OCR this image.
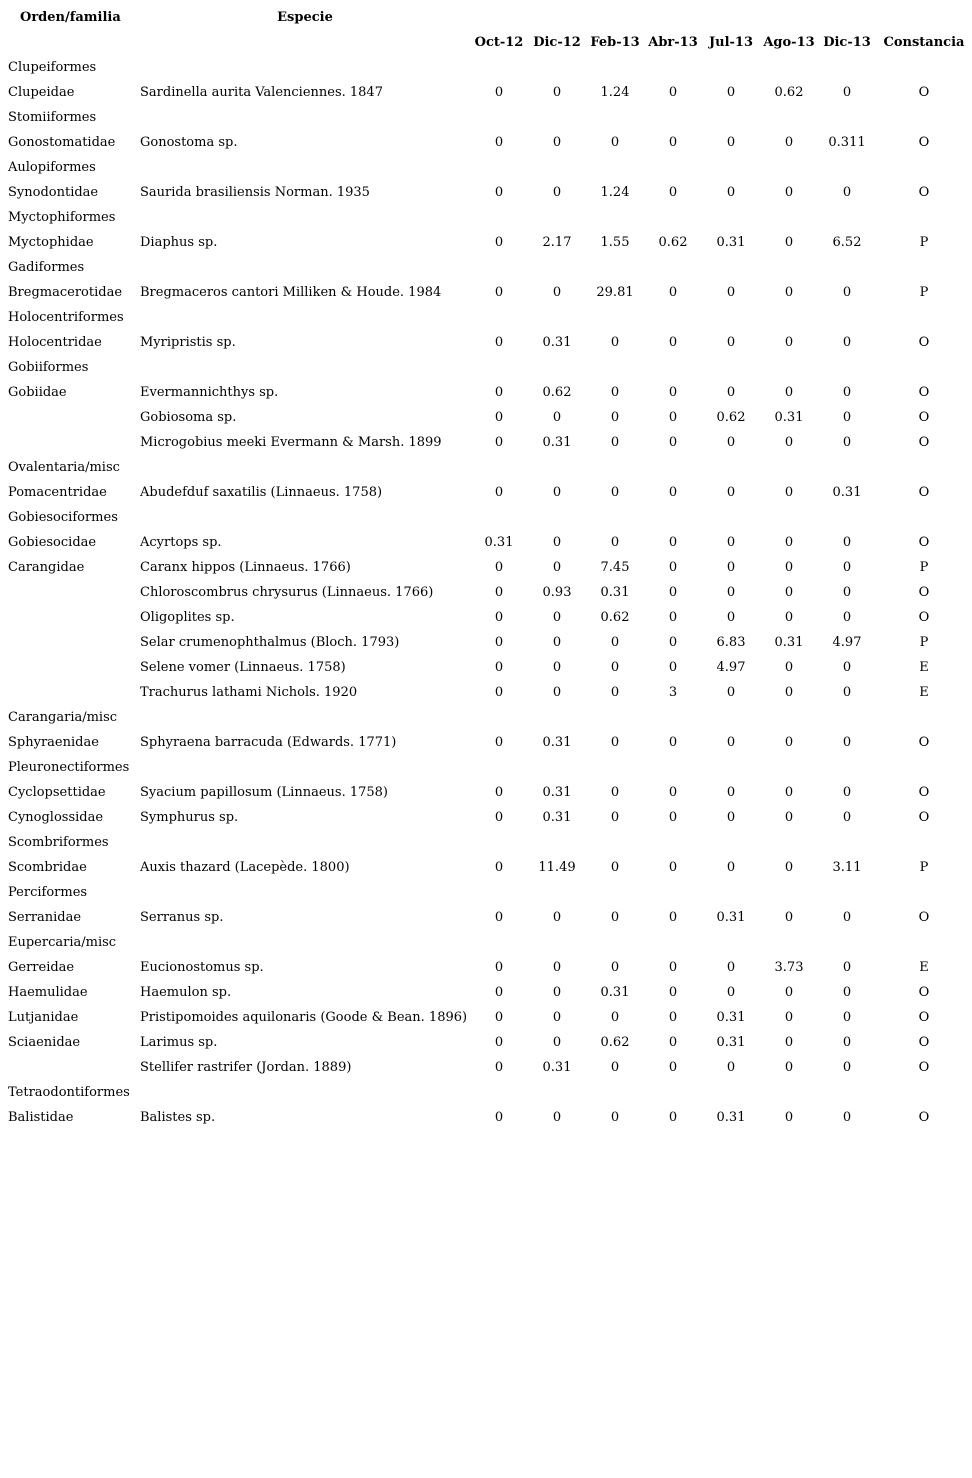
Orden/familia	Especie								
		Oct-12	Dic-12	Feb-13	Abr-13	Jul-13	Ago-13	Dic-13	Constancia
Clupeiformes									
Clupeidae	Sardinella aurita Valenciennes. 1847	0	0	1.24	0	0	0.62	0	O
Stomiiformes									
Gonostomatidae	Gonostoma sp.	0	0	0	0	0	0	0.311	O
Aulopiformes									
Synodontidae	Saurida brasiliensis Norman. 1935	0	0	1.24	0	0	0	0	O
Myctophiformes									
Myctophidae	Diaphus sp.	0	2.17	1.55	0.62	0.31	0	6.52	P
Gadiformes									
Bregmacerotidae	Bregmaceros cantori Milliken & Houde. 1984	0	0	29.81	0	0	0	0	P
Holocentriformes									
Holocentridae	Myripristis sp.	0	0.31	0	0	0	0	0	O
Gobiiformes									
Gobiidae	Evermannichthys sp.	0	0.62	0	0	0	0	0	O
	Gobiosoma sp.	0	0	0	0	0.62	0.31	0	O
	Microgobius meeki Evermann & Marsh. 1899	0	0.31	0	0	0	0	0	O
Ovalentaria/misc									
Pomacentridae	Abudefduf saxatilis (Linnaeus. 1758)	0	0	0	0	0	0	0.31	O
Gobiesociformes									
Gobiesocidae	Acyrtops sp.	0.31	0	0	0	0	0	0	O
Carangidae	Caranx hippos (Linnaeus. 1766)	0	0	7.45	0	0	0	0	P
	Chloroscombrus chrysurus (Linnaeus. 1766)	0	0.93	0.31	0	0	0	0	O
	Oligoplites sp.	0	0	0.62	0	0	0	0	O
	Selar crumenophthalmus (Bloch. 1793)	0	0	0	0	6.83	0.31	4.97	P
	Selene vomer (Linnaeus. 1758)	0	0	0	0	4.97	0	0	E
	Trachurus lathami Nichols. 1920	0	0	0	3	0	0	0	E
Carangaria/misc									
Sphyraenidae	Sphyraena barracuda (Edwards. 1771)	0	0.31	0	0	0	0	0	O
Pleuronectiformes									
Cyclopsettidae	Syacium papillosum (Linnaeus. 1758)	0	0.31	0	0	0	0	0	O
Cynoglossidae	Symphurus sp.	0	0.31	0	0	0	0	0	O
Scombriformes									
Scombridae	Auxis thazard (Lacepède. 1800)	0	11.49	0	0	0	0	3.11	P
Perciformes									
Serranidae	Serranus sp.	0	0	0	0	0.31	0	0	O
Eupercaria/misc									
Gerreidae	Eucionostomus sp.	0	0	0	0	0	3.73	0	E
Haemulidae	Haemulon sp.	0	0	0.31	0	0	0	0	O
Lutjanidae	Pristipomoides aquilonaris (Goode & Bean. 1896)	0	0	0	0	0.31	0	0	O
Sciaenidae	Larimus sp.	0	0	0.62	0	0.31	0	0	O
	Stellifer rastrifer (Jordan. 1889)	0	0.31	0	0	0	0	0	O
Tetraodontiformes									
Balistidae	Balistes sp.	0	0	0	0	0.31	0	0	O
